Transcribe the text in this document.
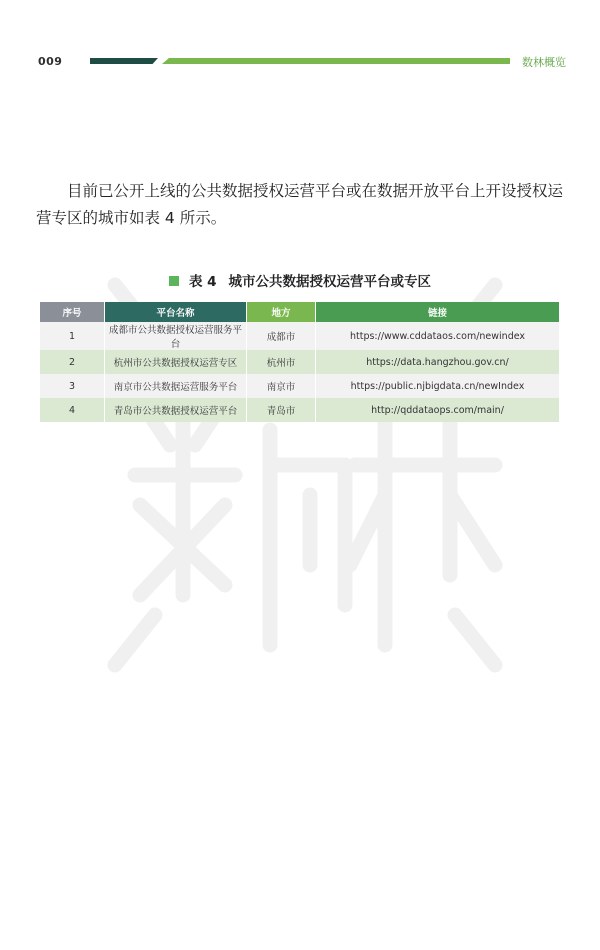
009	数林概览
目前已公开上线的公共数据授权运营平台或在数据开放平台上开设授权运营专区的城市如表 4 所示。
表 4 城市公共数据授权运营平台或专区
序号	平台名称	地方	链接
1	成都市公共数据授权运营服务平台	成都市	https://www.cddataos.com/newindex
2	杭州市公共数据授权运营专区	杭州市	https://data.hangzhou.gov.cn/
3	南京市公共数据运营服务平台	南京市	https://public.njbigdata.cn/newIndex
4	青岛市公共数据授权运营平台	青岛市	http://qddataops.com/main/
